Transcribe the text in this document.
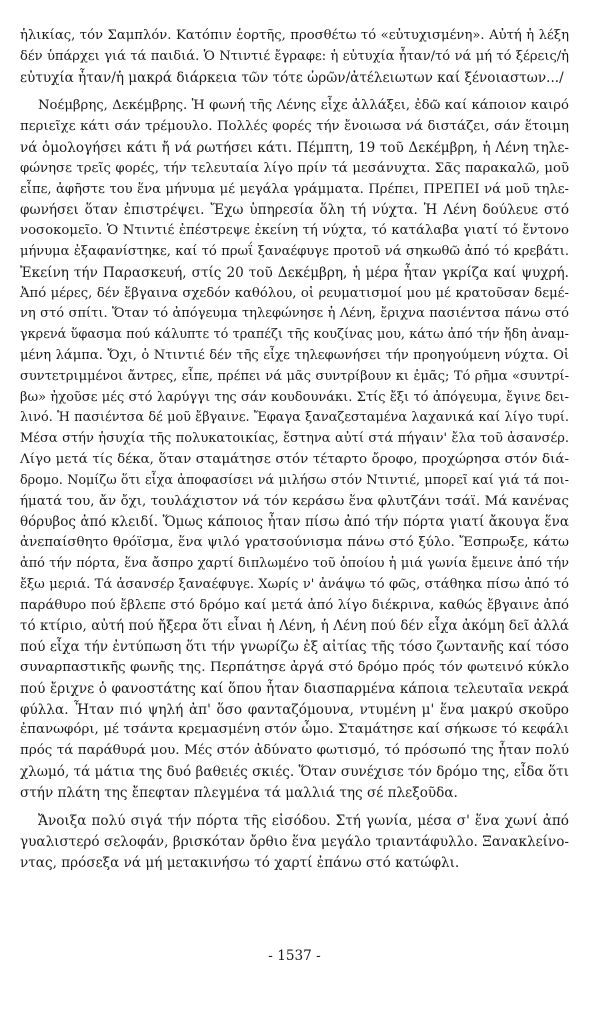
ἡλικίας, τόν Σαμπλόν. Κατόπιν ἑορτῆς, προσθέτω τό «εὐτυχισμένη». Αὐτή ἡ λέξη
δέν ὑπάρχει γιά τά παιδιά. Ὁ Ντιντιέ ἔγραφε: ἡ εὐτυχία ἦταν/τό νά μή τό ξέρεις/ἡ
εὐτυχία ἦταν/ἡ μακρά διάρκεια τῶν τότε ὡρῶν/ἀτέλειωτων καί ξένοιαστων.../
Νοέμβρης, Δεκέμβρης. Ἡ φωνή τῆς Λένης εἶχε ἀλλάξει, ἐδῶ καί κάποιον καιρό
περιεῖχε κάτι σάν τρέμουλο. Πολλές φορές τήν ἔνοιωσα νά διστάζει, σάν ἕτοιμη
νά ὁμολογήσει κάτι ἤ νά ρωτήσει κάτι. Πέμπτη, 19 τοῦ Δεκέμβρη, ἡ Λένη τηλε-
φώνησε τρεῖς φορές, τήν τελευταία λίγο πρίν τά μεσάνυχτα. Σᾶς παρακαλῶ, μοῦ
εἶπε, ἀφῆστε του ἕνα μήνυμα μέ μεγάλα γράμματα. Πρέπει, ΠΡΕΠΕΙ νά μοῦ τηλε-
φωνήσει ὅταν ἐπιστρέψει. Ἔχω ὑπηρεσία ὅλη τή νύχτα. Ἡ Λένη δούλευε στό
νοσοκομεῖο. Ὁ Ντιντιέ ἐπέστρεψε ἐκείνη τή νύχτα, τό κατάλαβα γιατί τό ἔντονο
μήνυμα ἐξαφανίστηκε, καί τό πρωΐ ξαναέφυγε προτοῦ νά σηκωθῶ ἀπό τό κρεβάτι.
Ἐκείνη τήν Παρασκευή, στίς 20 τοῦ Δεκέμβρη, ἡ μέρα ἦταν γκρίζα καί ψυχρή.
Ἀπό μέρες, δέν ἔβγαινα σχεδόν καθόλου, οἱ ρευματισμοί μου μέ κρατοῦσαν δεμέ-
νη στό σπίτι. Ὅταν τό ἀπόγευμα τηλεφώνησε ἡ Λένη, ἔριχνα πασιέντσα πάνω στό
γκρενά ὕφασμα πού κάλυπτε τό τραπέζι τῆς κουζίνας μου, κάτω ἀπό τήν ἤδη ἀναμ-
μένη λάμπα. Ὄχι, ὁ Ντιντιέ δέν τῆς εἶχε τηλεφωνήσει τήν προηγούμενη νύχτα. Οἱ
συντετριμμένοι ἄντρες, εἶπε, πρέπει νά μᾶς συντρίβουν κι ἐμᾶς; Τό ρῆμα «συντρί-
βω» ἠχοῦσε μές στό λαρύγγι της σάν κουδουνάκι. Στίς ἔξι τό ἀπόγευμα, ἔγινε δει-
λινό. Ἡ πασιέντσα δέ μοῦ ἔβγαινε. Ἔφαγα ξαναζεσταμένα λαχανικά καί λίγο τυρί.
Μέσα στήν ἡσυχία τῆς πολυκατοικίας, ἔστηνα αὐτί στά πήγαιν' ἔλα τοῦ ἀσανσέρ.
Λίγο μετά τίς δέκα, ὅταν σταμάτησε στόν τέταρτο ὄροφο, προχώρησα στόν διά-
δρομο. Νομίζω ὅτι εἶχα ἀποφασίσει νά μιλήσω στόν Ντιντιέ, μπορεῖ καί γιά τά ποι-
ήματά του, ἄν ὄχι, τουλάχιστον νά τόν κεράσω ἕνα φλυτζάνι τσάϊ. Μά κανένας
θόρυβος ἀπό κλειδί. Ὅμως κάποιος ἦταν πίσω ἀπό τήν πόρτα γιατί ἄκουγα ἕνα
ἀνεπαίσθητο θρόϊσμα, ἕνα ψιλό γρατσούνισμα πάνω στό ξύλο. Ἔσπρωξε, κάτω
ἀπό τήν πόρτα, ἕνα ἄσπρο χαρτί διπλωμένο τοῦ ὁποίου ἡ μιά γωνία ἔμεινε ἀπό τήν
ἔξω μεριά. Τά ἀσανσέρ ξαναέφυγε. Χωρίς ν' ἀνάψω τό φῶς, στάθηκα πίσω ἀπό τό
παράθυρο πού ἔβλεπε στό δρόμο καί μετά ἀπό λίγο διέκρινα, καθώς ἔβγαινε ἀπό
τό κτίριο, αὐτή πού ἤξερα ὅτι εἶναι ἡ Λένη, ἡ Λένη πού δέν εἶχα ἀκόμη δεῖ ἀλλά
πού εἶχα τήν ἐντύπωση ὅτι τήν γνωρίζω ἐξ αἰτίας τῆς τόσο ζωντανῆς καί τόσο
συναρπαστικῆς φωνῆς της. Περπάτησε ἀργά στό δρόμο πρός τόν φωτεινό κύκλο
πού ἔριχνε ὁ φανοστάτης καί ὅπου ἦταν διασπαρμένα κάποια τελευταῖα νεκρά
φύλλα. Ἦταν πιό ψηλή ἀπ' ὅσο φανταζόμουνα, ντυμένη μ' ἕνα μακρύ σκοῦρο
ἐπανωφόρι, μέ τσάντα κρεμασμένη στόν ὦμο. Σταμάτησε καί σήκωσε τό κεφάλι
πρός τά παράθυρά μου. Μές στόν ἀδύνατο φωτισμό, τό πρόσωπό της ἦταν πολύ
χλωμό, τά μάτια της δυό βαθειές σκιές. Ὅταν συνέχισε τόν δρόμο της, εἶδα ὅτι
στήν πλάτη της ἔπεφταν πλεγμένα τά μαλλιά της σέ πλεξοῦδα.
Ἄνοιξα πολύ σιγά τήν πόρτα τῆς εἰσόδου. Στή γωνία, μέσα σ' ἕνα χωνί ἀπό
γυαλιστερό σελοφάν, βρισκόταν ὄρθιο ἕνα μεγάλο τριαντάφυλλο. Ξανακλείνο-
ντας, πρόσεξα νά μή μετακινήσω τό χαρτί ἐπάνω στό κατώφλι.
- 1537 -
